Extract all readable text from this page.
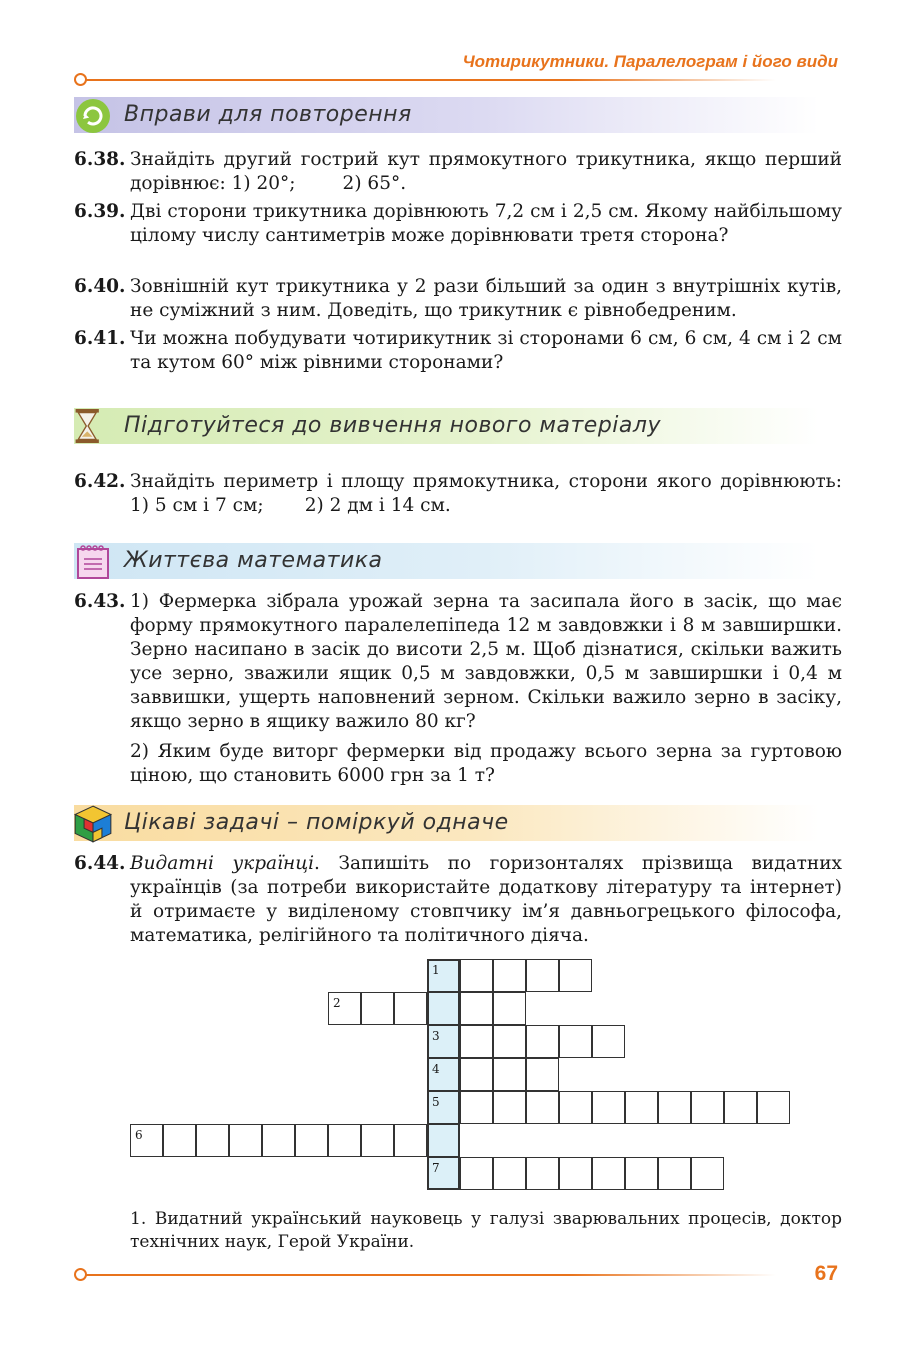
Чотирикутники. Паралелограм і його види
Вправи для повторення
6.38. Знайдіть другий гострий кут прямокутного трикутника, якщо перший дорівнює: 1) 20°;        2) 65°.
6.39. Дві сторони трикутника дорівнюють 7,2 см і 2,5 см. Якому найбільшому цілому числу сантиметрів може дорівнювати третя сторона?
6.40. Зовнішній кут трикутника у 2 рази більший за один з внутрішніх кутів, не суміжний з ним. Доведіть, що трикутник є рівнобедреним.
6.41. Чи можна побудувати чотирикутник зі сторонами 6 см, 6 см, 4 см і 2 см та кутом 60° між рівними сторонами?
Підготуйтеся до вивчення нового матеріалу
6.42. Знайдіть периметр і площу прямокутника, сторони якого дорівнюють: 1) 5 см і 7 см;       2) 2 дм і 14 см.
Життєва математика
6.43. 1) Фермерка зібрала урожай зерна та засипала його в засік, що має форму прямокутного паралелепіпеда 12 м завдовжки і 8 м завширшки. Зерно насипано в засік до висоти 2,5 м. Щоб дізнатися, скільки важить усе зерно, зважили ящик 0,5 м завдовжки, 0,5 м завширшки і 0,4 м заввишки, ущерть наповнений зерном. Скільки важило зерно в засіку, якщо зерно в ящику важило 80 кг?
2) Яким буде виторг фермерки від продажу всього зерна за гуртовою ціною, що становить 6000 грн за 1 т?
Цікаві задачі – поміркуй одначе
6.44. Видатні українці. Запишіть по горизонталях прізвища видатних українців (за потреби використайте додаткову літературу та інтернет) й отримаєте у виділеному стовпчику ім’я давньогрецького філософа, математика, релігійного та політичного діяча.
1
2
3
4
5
6
7
1. Видатний український науковець у галузі зварювальних процесів, доктор технічних наук, Герой України.
67
